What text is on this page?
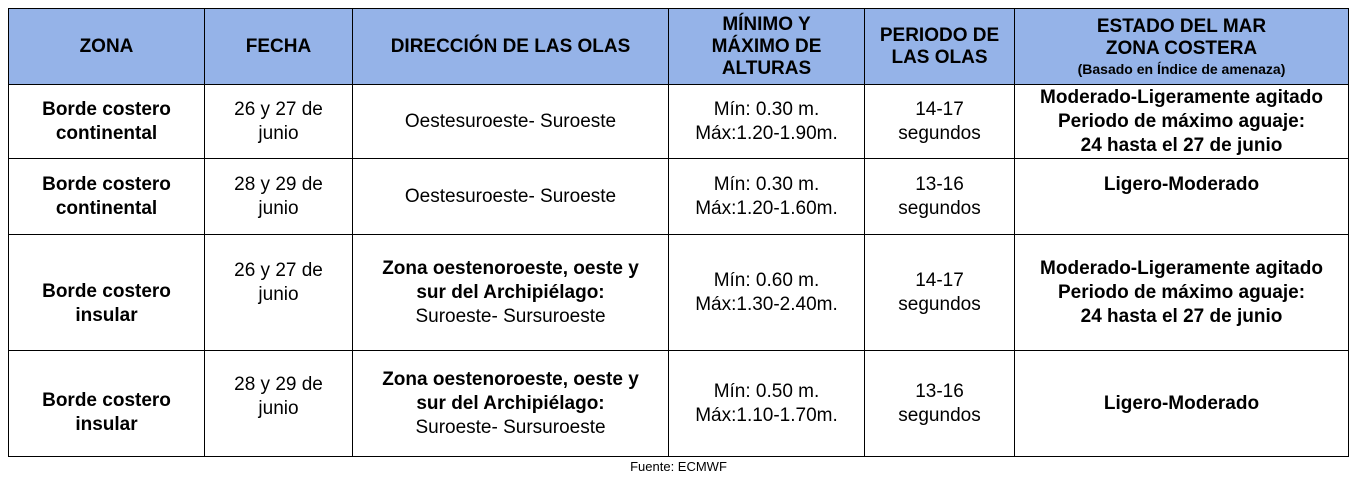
ZONA	FECHA	DIRECCIÓN DE LAS OLAS	MÍNIMO Y
MÁXIMO DE
ALTURAS	PERIODO DE
LAS OLAS	ESTADO DEL MAR
ZONA COSTERA
(Basado en Índice de amenaza)

Borde costero
continental	26 y 27 de
junio	Oestesuroeste- Suroeste	Mín: 0.30 m.
Máx:1.20-1.90m.	14-17
segundos	Moderado-Ligeramente agitado
Periodo de máximo aguaje:
24 hasta el 27 de junio

Borde costero
continental	28 y 29 de
junio	Oestesuroeste- Suroeste	Mín: 0.30 m.
Máx:1.20-1.60m.	13-16
segundos	Ligero-Moderado

Borde costero
insular	26 y 27 de
junio	Zona oestenoroeste, oeste y
sur del Archipiélago:
Suroeste- Sursuroeste	Mín: 0.60 m.
Máx:1.30-2.40m.	14-17
segundos	Moderado-Ligeramente agitado
Periodo de máximo aguaje:
24 hasta el 27 de junio

Borde costero
insular	28 y 29 de
junio	Zona oestenoroeste, oeste y
sur del Archipiélago:
Suroeste- Sursuroeste	Mín: 0.50 m.
Máx:1.10-1.70m.	13-16
segundos	Ligero-Moderado
Fuente: ECMWF
